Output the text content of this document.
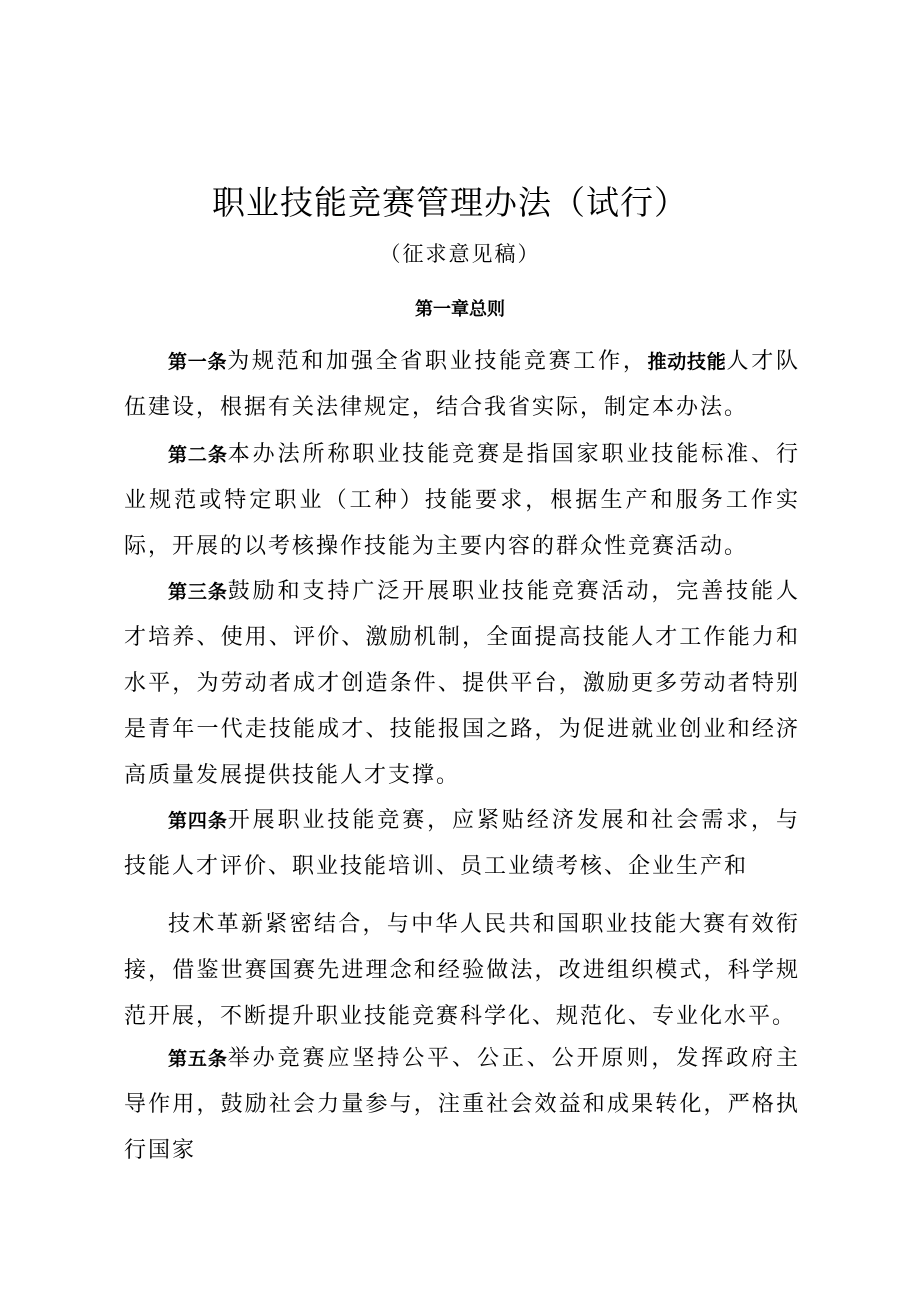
职业技能竞赛管理办法（试行）

（征求意见稿）

第一章总则

第一条为规范和加强全省职业技能竞赛工作，推动技能人才队伍建设，根据有关法律规定，结合我省实际，制定本办法。

第二条本办法所称职业技能竞赛是指国家职业技能标准、行业规范或特定职业（工种）技能要求，根据生产和服务工作实际，开展的以考核操作技能为主要内容的群众性竞赛活动。

第三条鼓励和支持广泛开展职业技能竞赛活动，完善技能人才培养、使用、评价、激励机制，全面提高技能人才工作能力和水平，为劳动者成才创造条件、提供平台，激励更多劳动者特别是青年一代走技能成才、技能报国之路，为促进就业创业和经济高质量发展提供技能人才支撑。

第四条开展职业技能竞赛，应紧贴经济发展和社会需求，与技能人才评价、职业技能培训、员工业绩考核、企业生产和

技术革新紧密结合，与中华人民共和国职业技能大赛有效衔接，借鉴世赛国赛先进理念和经验做法，改进组织模式，科学规范开展，不断提升职业技能竞赛科学化、规范化、专业化水平。

第五条举办竞赛应坚持公平、公正、公开原则，发挥政府主导作用，鼓励社会力量参与，注重社会效益和成果转化，严格执行国家
